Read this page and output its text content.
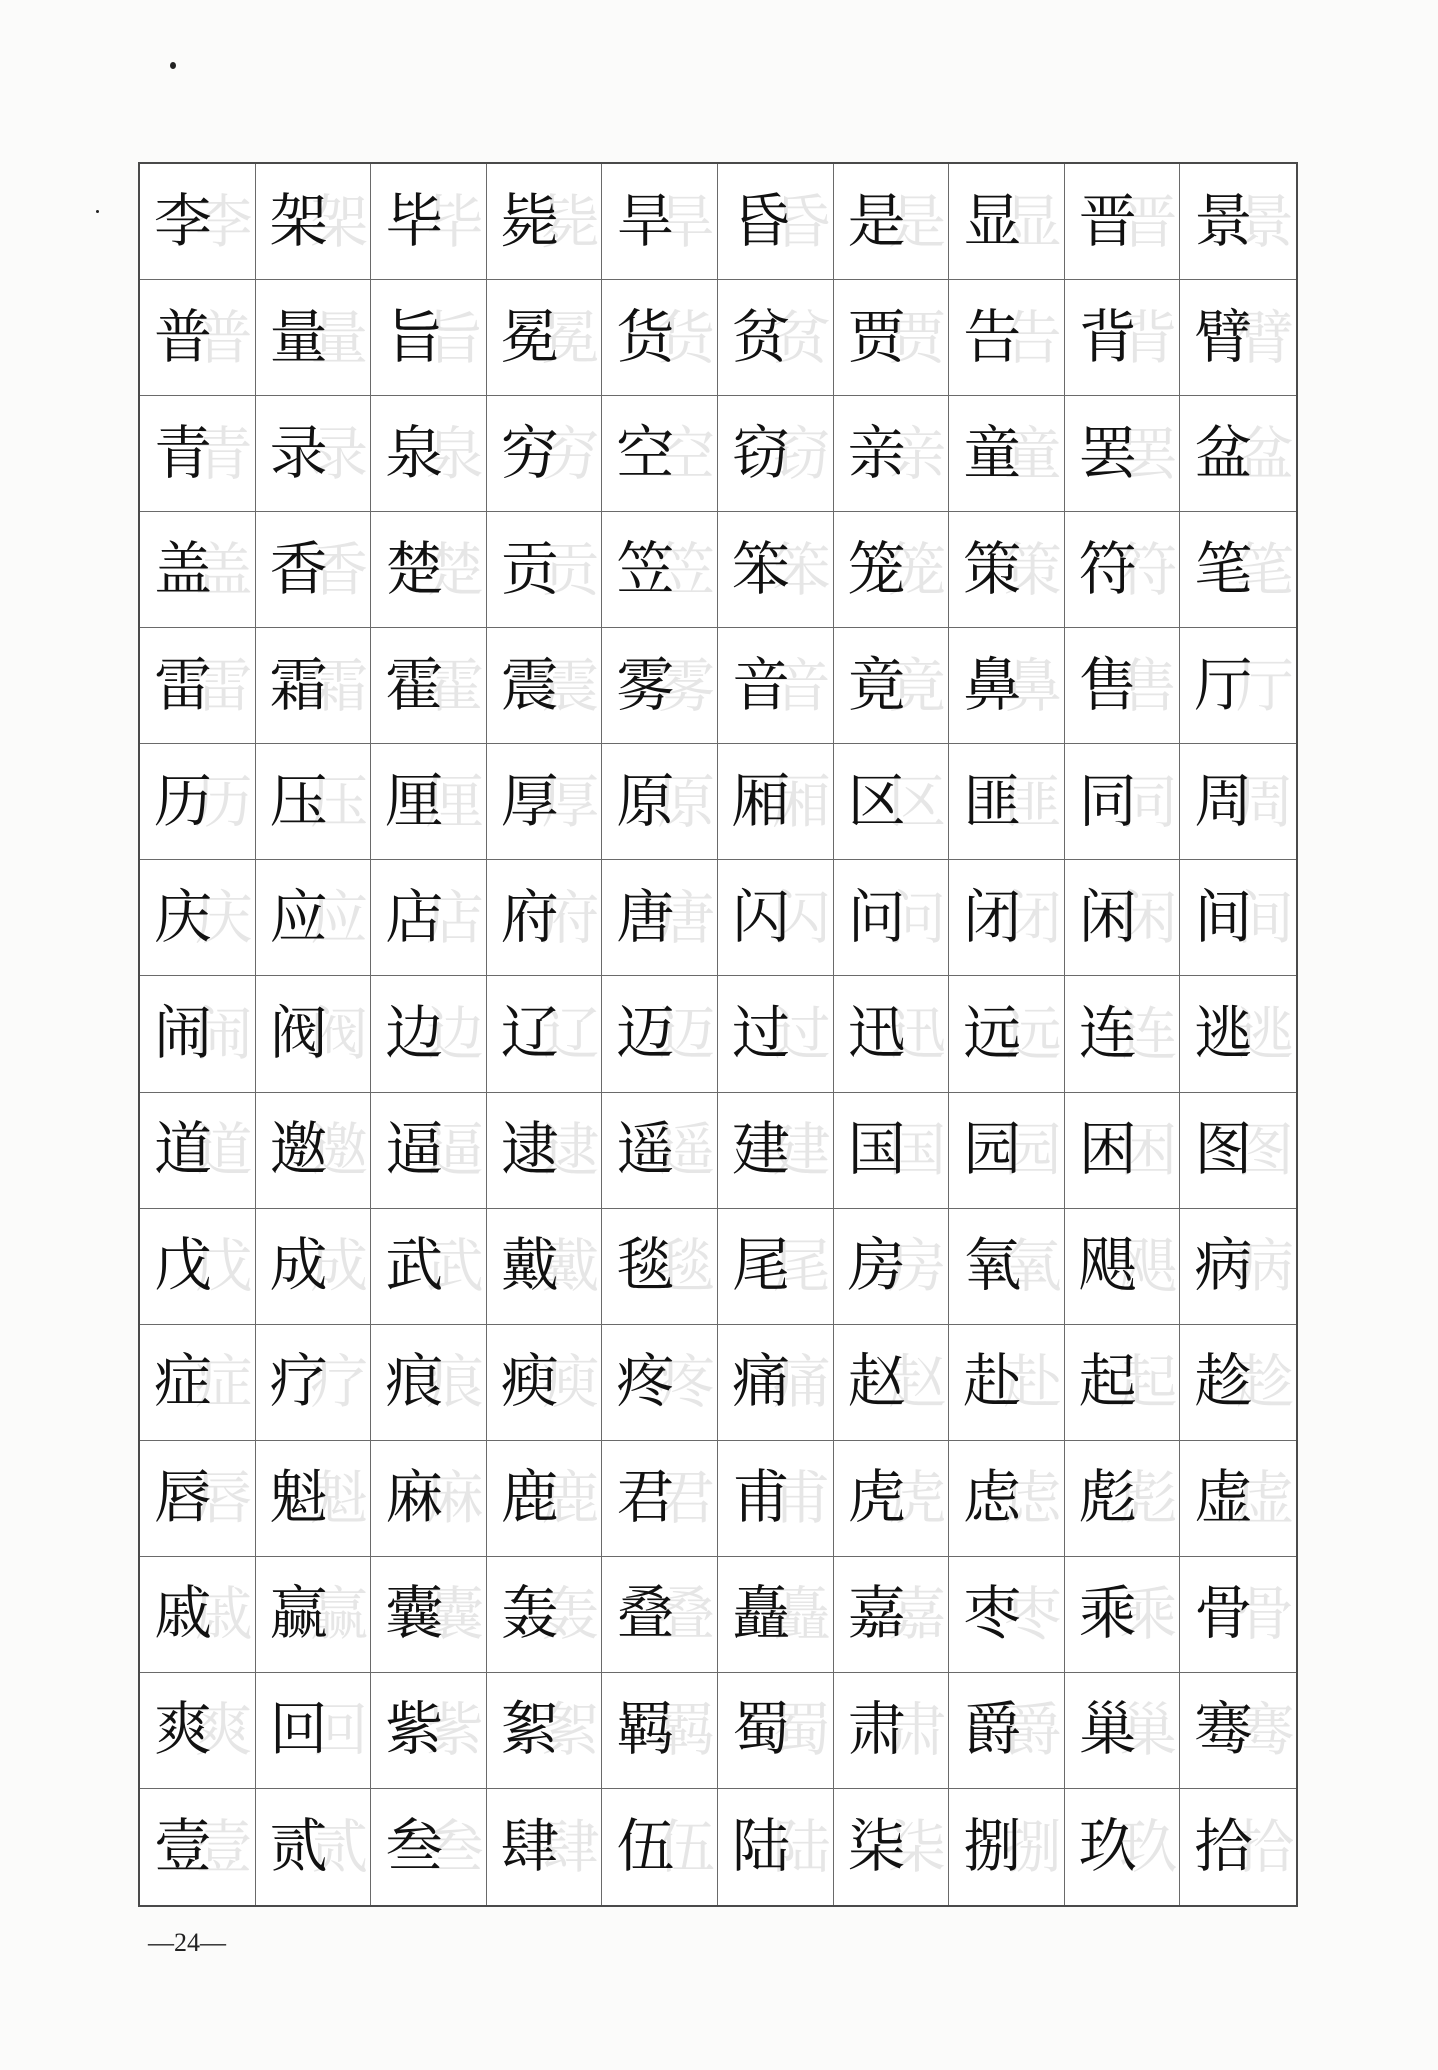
李
李 架
架 毕
毕 毙
毙 旱
旱 昏
昏 是
是 显
显 晋
晋 景
景
普
普 量
量 旨
旨 冕
冕 货
货 贫
贫 贾
贾 告
告 背
背 臂
臂
青
青 录
录 泉
泉 穷
穷 空
空 窃
窃 亲
亲 童
童 罢
罢 盆
盆
盖
盖 香
香 楚
楚 贡
贡 笠
笠 笨
笨 笼
笼 策
策 符
符 笔
笔
雷
雷 霜
霜 霍
霍 震
震 雾
雾 音
音 竟
竟 鼻
鼻 售
售 厅
厅
历
历 压
压 厘
厘 厚
厚 原
原 厢
厢 区
区 匪
匪 同
同 周
周
庆
庆 应
应 店
店 府
府 唐
唐 闪
闪 问
问 闭
闭 闲
闲 间
间
闹
闹 阀
阀 边
边 辽
辽 迈
迈 过
过 迅
迅 远
远 连
连 逃
逃
道
道 邀
邀 逼
逼 逮
逮 遥
遥 建
建 国
国 园
园 困
困 图
图
戊
戊 成
成 武
武 戴
戴 毯
毯 尾
尾 房
房 氧
氧 飓
飓 病
病
症
症 疗
疗 痕
痕 瘐
瘐 疼
疼 痛
痛 赵
赵 赴
赴 起
起 趁
趁
唇
唇 魁
魁 麻
麻 鹿
鹿 君
君 甫
甫 虎
虎 虑
虑 彪
彪 虚
虚
戚
戚 赢
赢 囊
囊 轰
轰 叠
叠 矗
矗 嘉
嘉 枣
枣 乘
乘 骨
骨
爽
爽 回
回 紫
紫 絮
絮 羁
羁 蜀
蜀 肃
肃 爵
爵 巢
巢 骞
骞
壹
壹 贰
贰 叁
叁 肆
肆 伍
伍 陆
陆 柒
柒 捌
捌 玖
玖 拾
拾
—24—
